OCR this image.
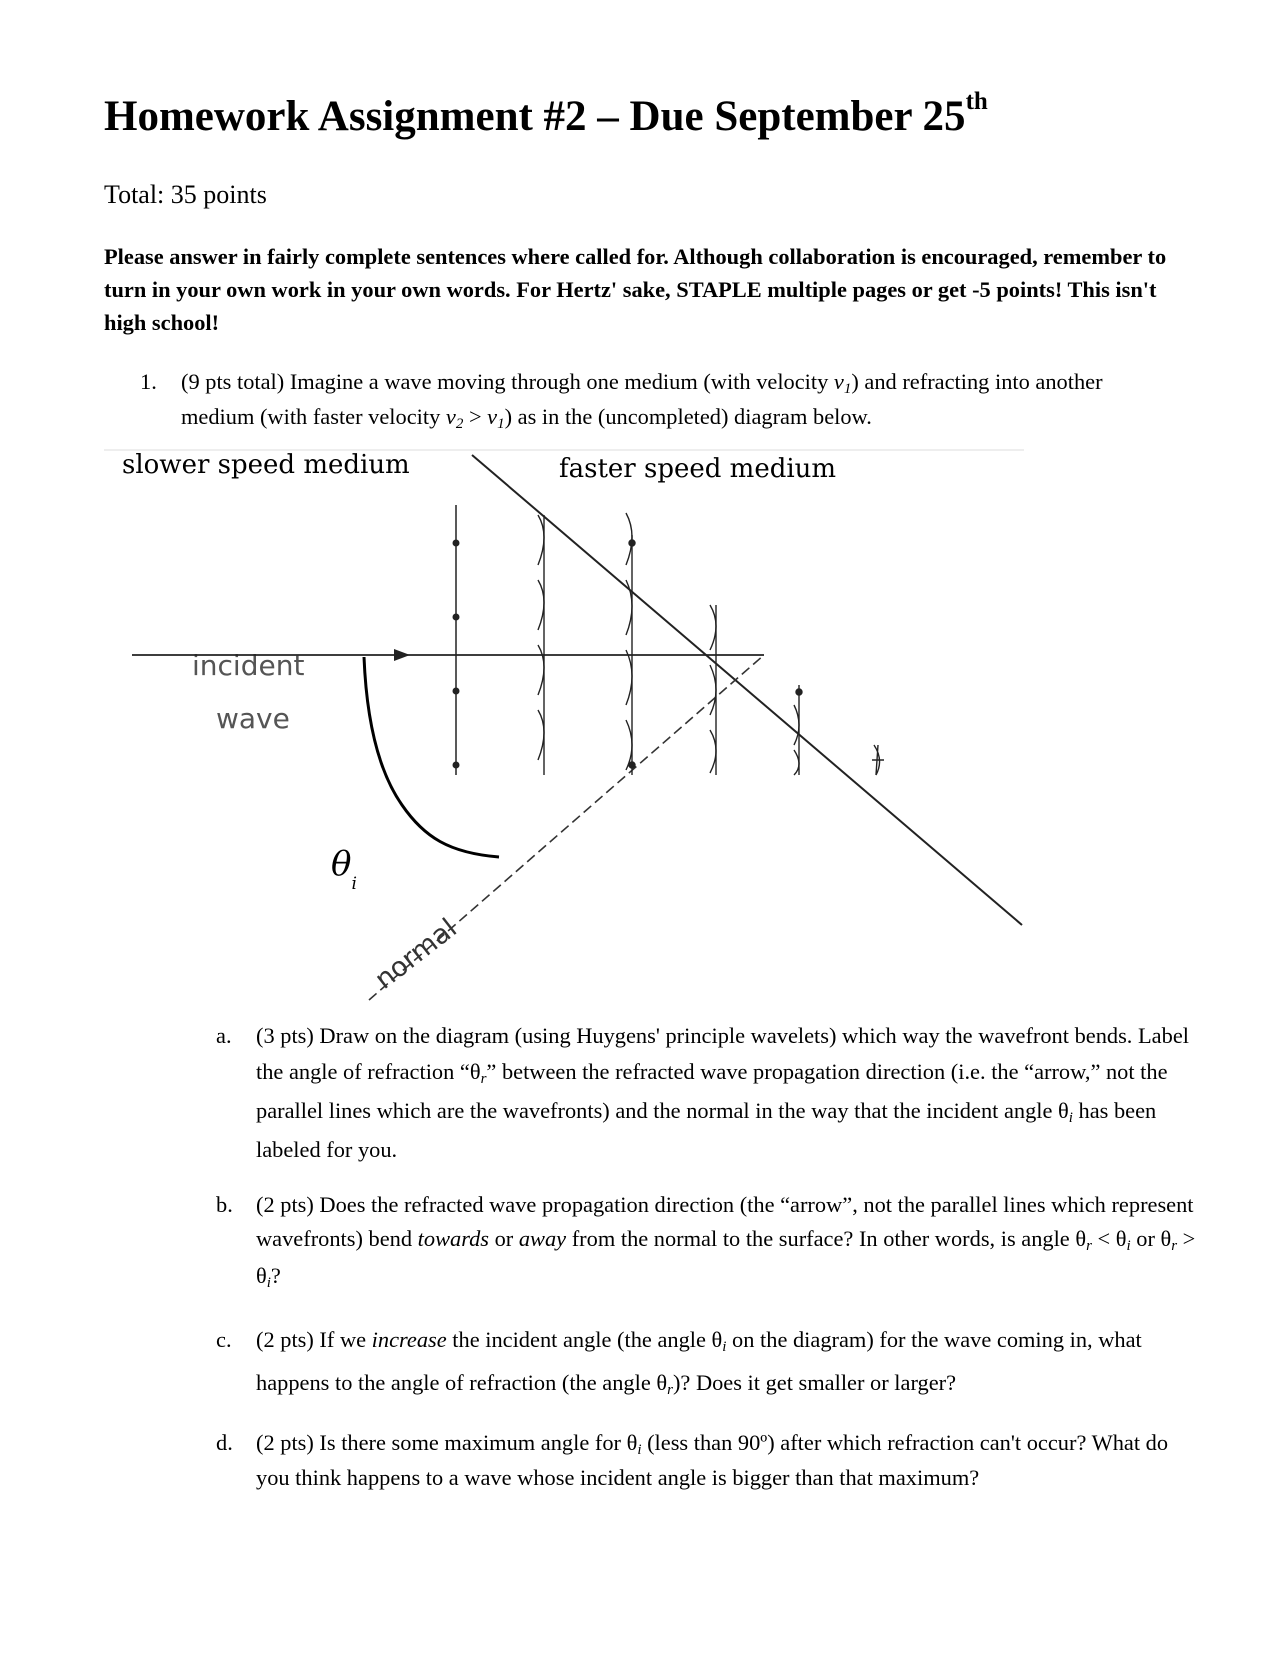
Homework Assignment #2 – Due September 25th
Total: 35 points
Please answer in fairly complete sentences where called for. Although collaboration is encouraged, remember to turn in your own work in your own words. For Hertz' sake, STAPLE multiple pages or get -5 points! This isn't high school!
1. (9 pts total) Imagine a wave moving through one medium (with velocity $v_1$) and refracting into another medium (with faster velocity $v_2 > v_1$) as in the (uncompleted) diagram below.
slower speed medium	faster speed medium
incident
wave
$\theta_i$
normal
a. (3 pts) Draw on the diagram (using Huygens' principle wavelets) which way the wavefront bends. Label the angle of refraction “$\theta_r$” between the refracted wave propagation direction (i.e. the “arrow,” not the parallel lines which are the wavefronts) and the normal in the way that the incident angle $\theta_i$ has been labeled for you.
b. (2 pts) Does the refracted wave propagation direction (the “arrow”, not the parallel lines which represent wavefronts) bend towards or away from the normal to the surface? In other words, is angle $\theta_r < \theta_i$ or $\theta_r > \theta_i$?
c. (2 pts) If we increase the incident angle (the angle $\theta_i$ on the diagram) for the wave coming in, what happens to the angle of refraction (the angle $\theta_r$)? Does it get smaller or larger?
d. (2 pts) Is there some maximum angle for $\theta_i$ (less than 90º) after which refraction can't occur? What do you think happens to a wave whose incident angle is bigger than that maximum?
